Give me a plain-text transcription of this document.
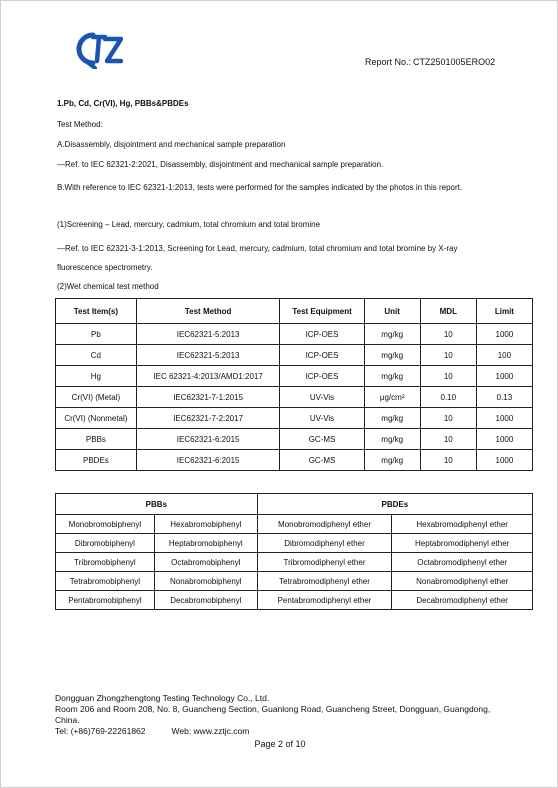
Report No.: CTZ2501005ERO02

1.Pb, Cd, Cr(VI), Hg, PBBs&PBDEs

Test Method:

A.Disassembly, disjointment and mechanical sample preparation

—Ref. to IEC 62321-2:2021, Disassembly, disjointment and mechanical sample preparation.

B.With reference to IEC 62321-1:2013, tests were performed for the samples indicated by the photos in this report.

(1)Screening – Lead, mercury, cadmium, total chromium and total bromine

—Ref. to IEC 62321-3-1:2013, Screening for Lead, mercury, cadmium, total chromium and total bromine by X-ray fluorescence spectrometry.

(2)Wet chemical test method

Test Item(s)	Test Method	Test Equipment	Unit	MDL	Limit
Pb	IEC62321-5:2013	ICP-OES	mg/kg	10	1000
Cd	IEC62321-5:2013	ICP-OES	mg/kg	10	100
Hg	IEC 62321-4:2013/AMD1:2017	ICP-OES	mg/kg	10	1000
Cr(VI) (Metal)	IEC62321-7-1:2015	UV-Vis	μg/cm²	0.10	0.13
Cr(VI) (Nonmetal)	IEC62321-7-2:2017	UV-Vis	mg/kg	10	1000
PBBs	IEC62321-6:2015	GC-MS	mg/kg	10	1000
PBDEs	IEC62321-6:2015	GC-MS	mg/kg	10	1000
PBBs		PBDEs	
Monobromobiphenyl	Hexabromobiphenyl	Monobromodiphenyl ether	Hexabromodiphenyl ether
Dibromobiphenyl	Heptabromobiphenyl	Dibromodiphenyl ether	Heptabromodiphenyl ether
Tribromobiphenyl	Octabromobiphenyl	Tribromodiphenyl ether	Octabromodiphenyl ether
Tetrabromobiphenyl	Nonabromobiphenyl	Tetrabromodiphenyl ether	Nonabromodiphenyl ether
Pentabromobiphenyl	Decabromobiphenyl	Pentabromodiphenyl ether	Decabromodiphenyl ether
Dongguan Zhongzhengtong Testing Technology Co., Ltd.
Room 206 and Room 208, No. 8, Guancheng Section, Guanlong Road, Guancheng Street, Dongguan, Guangdong, China.
Tel: (+86)769-22261862	Web: www.zztjc.com
Page 2 of 10
